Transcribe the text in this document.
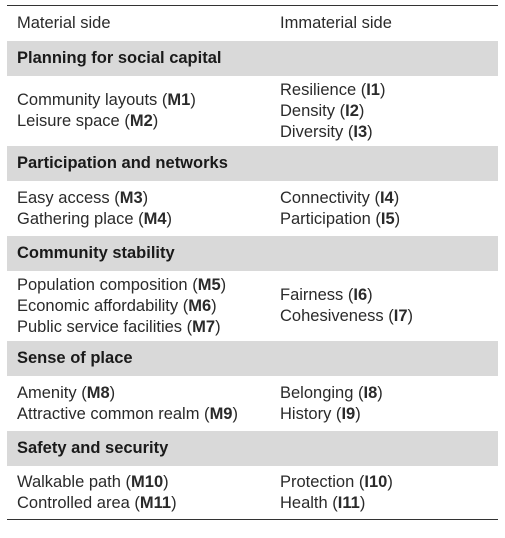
Material side	Immaterial side
Planning for social capital
Community layouts (M1)
Leisure space (M2)
Resilience (I1)
Density (I2)
Diversity (I3)
Participation and networks
Easy access (M3)
Gathering place (M4)
Connectivity (I4)
Participation (I5)
Community stability
Population composition (M5)
Economic affordability (M6)
Public service facilities (M7)
Fairness (I6)
Cohesiveness (I7)
Sense of place
Amenity (M8)
Attractive common realm (M9)
Belonging (I8)
History (I9)
Safety and security
Walkable path (M10)
Controlled area (M11)
Protection (I10)
Health (I11)
